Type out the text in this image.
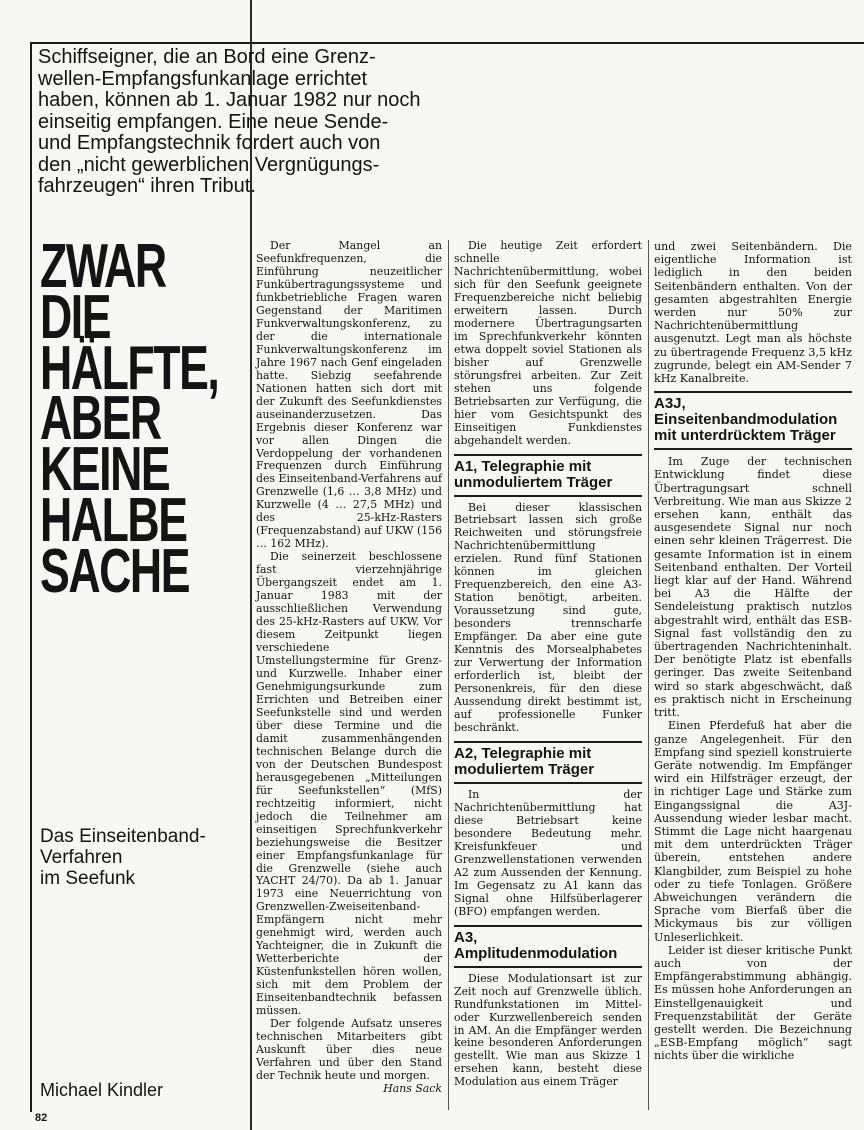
Schiffseigner, die an Bord eine Grenz-
wellen-Empfangsfunkanlage errichtet
haben, können ab 1. Januar 1982 nur noch
einseitig empfangen. Eine neue Sende-
und Empfangstechnik fordert auch von
den „nicht gewerblichen Vergnügungs-
fahrzeugen“ ihren Tribut.
ZWAR
DIE
HÄLFTE,
ABER
KEINE
HALBE
SACHE
Das Einseitenband-
Verfahren
im Seefunk
Michael Kindler
82

Der Mangel an Seefunkfrequenzen, die Einführung neuzeitlicher Funkübertragungssysteme und funkbetriebliche Fragen waren Gegenstand der Maritimen Funkverwaltungskonferenz, zu der die internationale Funkverwaltungskonferenz im Jahre 1967 nach Genf eingeladen hatte. Siebzig seefahrende Nationen hatten sich dort mit der Zukunft des Seefunkdienstes auseinanderzusetzen. Das Ergebnis dieser Konferenz war vor allen Dingen die Verdoppelung der vorhandenen Frequenzen durch Einführung des Einseitenband-Verfahrens auf Grenzwelle (1,6 … 3,8 MHz) und Kurzwelle (4 … 27,5 MHz) und des 25-kHz-Rasters (Frequenzabstand) auf UKW (156 … 162 MHz).

Die seinerzeit beschlossene fast vierzehnjährige Übergangszeit endet am 1. Januar 1983 mit der ausschließlichen Verwendung des 25-kHz-Rasters auf UKW. Vor diesem Zeitpunkt liegen verschiedene Umstellungstermine für Grenz- und Kurzwelle. Inhaber einer Genehmigungsurkunde zum Errichten und Betreiben einer Seefunkstelle sind und werden über diese Termine und die damit zusammenhängenden technischen Belange durch die von der Deutschen Bundespost herausgegebenen „Mitteilungen für Seefunkstellen“ (MfS) rechtzeitig informiert, nicht jedoch die Teilnehmer am einseitigen Sprechfunkverkehr beziehungsweise die Besitzer einer Empfangsfunkanlage für die Grenzwelle (siehe auch YACHT 24/70). Da ab 1. Januar 1973 eine Neuerrichtung von Grenzwellen-Zweiseitenband-Empfängern nicht mehr genehmigt wird, werden auch Yachteigner, die in Zukunft die Wetterberichte der Küstenfunkstellen hören wollen, sich mit dem Problem der Einseitenbandtechnik befassen müssen.

Der folgende Aufsatz unseres technischen Mitarbeiters gibt Auskunft über dies neue Verfahren und über den Stand der Technik heute und morgen.
Hans Sack

Die heutige Zeit erfordert schnelle Nachrichtenübermittlung, wobei sich für den Seefunk geeignete Frequenzbereiche nicht beliebig erweitern lassen. Durch modernere Übertragungsarten im Sprechfunkverkehr könnten etwa doppelt soviel Stationen als bisher auf Grenzwelle störungsfrei arbeiten. Zur Zeit stehen uns folgende Betriebsarten zur Verfügung, die hier vom Gesichtspunkt des Einseitigen Funkdienstes abgehandelt werden.

A1, Telegraphie mit unmoduliertem Träger

Bei dieser klassischen Betriebsart lassen sich große Reichweiten und störungsfreie Nachrichtenübermittlung erzielen. Rund fünf Stationen können im gleichen Frequenzbereich, den eine A3-Station benötigt, arbeiten. Voraussetzung sind gute, besonders trennscharfe Empfänger. Da aber eine gute Kenntnis des Morsealphabetes zur Verwertung der Information erforderlich ist, bleibt der Personenkreis, für den diese Aussendung direkt bestimmt ist, auf professionelle Funker beschränkt.

A2, Telegraphie mit moduliertem Träger

In der Nachrichtenübermittlung hat diese Betriebsart keine besondere Bedeutung mehr. Kreisfunkfeuer und Grenzwellenstationen verwenden A2 zum Aussenden der Kennung. Im Gegensatz zu A1 kann das Signal ohne Hilfsüberlagerer (BFO) empfangen werden.

A3, Amplitudenmodulation

Diese Modulationsart ist zur Zeit noch auf Grenzwelle üblich. Rundfunkstationen im Mittel- oder Kurzwellenbereich senden in AM. An die Empfänger werden keine besonderen Anforderungen gestellt. Wie man aus Skizze 1 ersehen kann, besteht diese Modulation aus einem Träger

und zwei Seitenbändern. Die eigentliche Information ist lediglich in den beiden Seitenbändern enthalten. Von der gesamten abgestrahlten Energie werden nur 50% zur Nachrichtenübermittlung ausgenutzt. Legt man als höchste zu übertragende Frequenz 3,5 kHz zugrunde, belegt ein AM-Sender 7 kHz Kanalbreite.

A3J, Einseitenbandmodulation mit unterdrücktem Träger

Im Zuge der technischen Entwicklung findet diese Übertragungsart schnell Verbreitung. Wie man aus Skizze 2 ersehen kann, enthält das ausgesendete Signal nur noch einen sehr kleinen Trägerrest. Die gesamte Information ist in einem Seitenband enthalten. Der Vorteil liegt klar auf der Hand. Während bei A3 die Hälfte der Sendeleistung praktisch nutzlos abgestrahlt wird, enthält das ESB-Signal fast vollständig den zu übertragenden Nachrichteninhalt. Der benötigte Platz ist ebenfalls geringer. Das zweite Seitenband wird so stark abgeschwächt, daß es praktisch nicht in Erscheinung tritt.

Einen Pferdefuß hat aber die ganze Angelegenheit. Für den Empfang sind speziell konstruierte Geräte notwendig. Im Empfänger wird ein Hilfsträger erzeugt, der in richtiger Lage und Stärke zum Eingangssignal die A3J-Aussendung wieder lesbar macht. Stimmt die Lage nicht haargenau mit dem unterdrückten Träger überein, entstehen andere Klangbilder, zum Beispiel zu hohe oder zu tiefe Tonlagen. Größere Abweichungen verändern die Sprache vom Bierfaß über die Mickymaus bis zur völligen Unleserlichkeit.

Leider ist dieser kritische Punkt auch von der Empfängerabstimmung abhängig. Es müssen hohe Anforderungen an Einstellgenauigkeit und Frequenzstabilität der Geräte gestellt werden. Die Bezeichnung „ESB-Empfang möglich“ sagt nichts über die wirkliche
